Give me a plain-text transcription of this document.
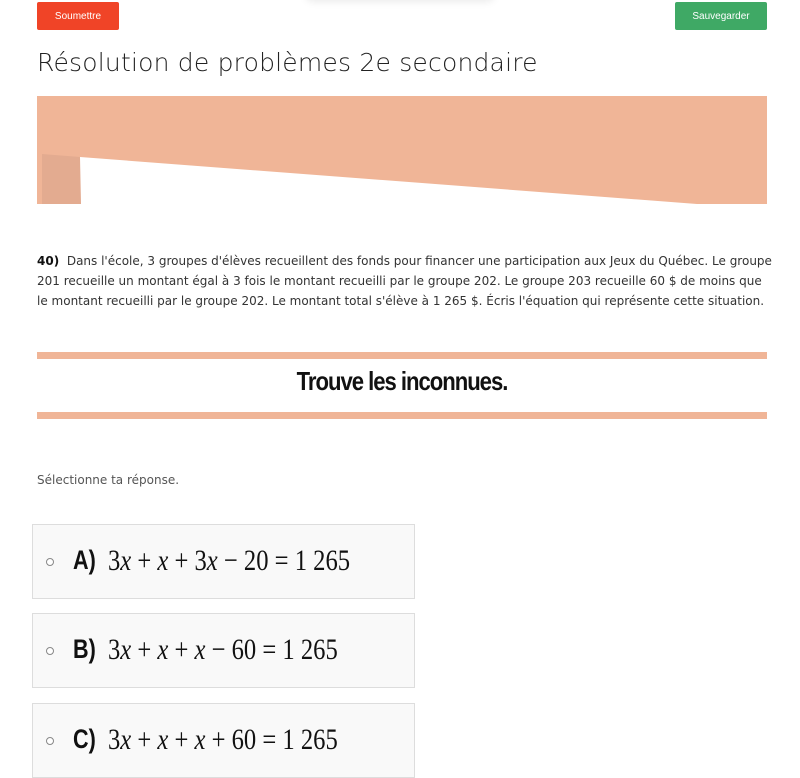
Soumettre	Sauvegarder
Résolution de problèmes 2e secondaire

40) Dans l'école, 3 groupes d'élèves recueillent des fonds pour financer une participation aux Jeux du Québec. Le groupe 201 recueille un montant égal à 3 fois le montant recueilli par le groupe 202. Le groupe 203 recueille 60 $ de moins que le montant recueilli par le groupe 202. Le montant total s'élève à 1 265 $. Écris l'équation qui représente cette situation.

Trouve les inconnues.

Sélectionne ta réponse.

A) 3x + x + 3x − 20 = 1 265
B) 3x + x + x − 60 = 1 265
C) 3x + x + x + 60 = 1 265
